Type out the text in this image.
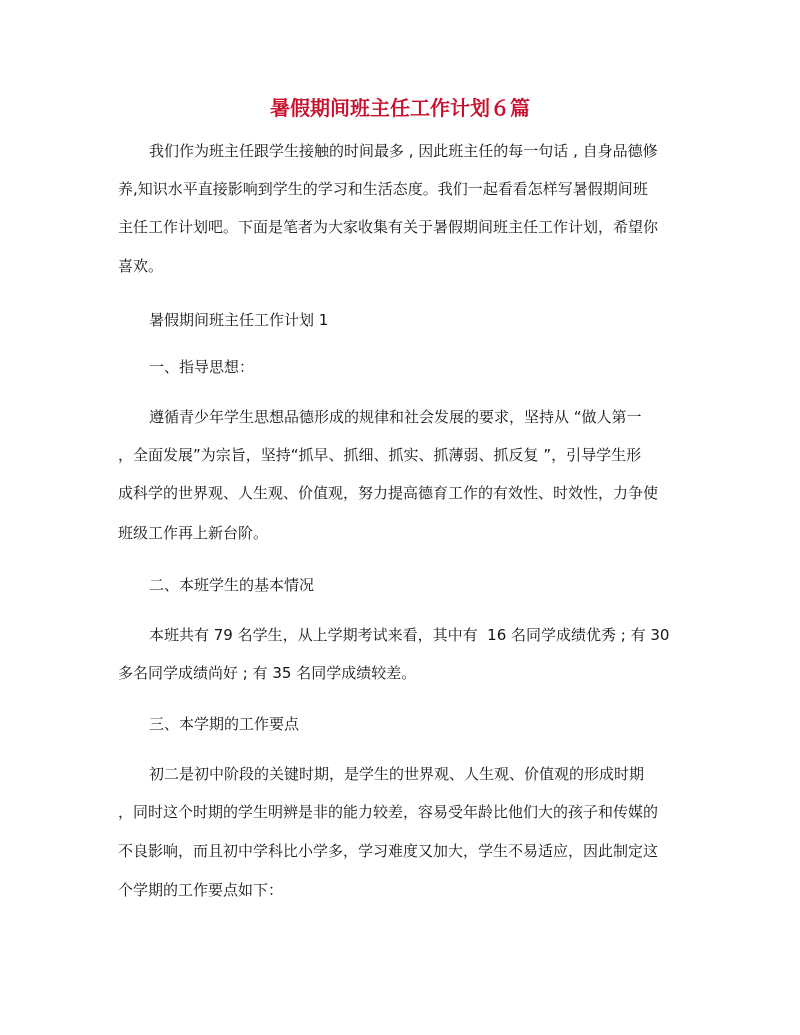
暑假期间班主任工作计划６篇
我们作为班主任跟学生接触的时间最多 , 因此班主任的每一句话 , 自身品德修
养,知识水平直接影响到学生的学习和生活态度。我们一起看看怎样写暑假期间班
主任工作计划吧。下面是笔者为大家收集有关于暑假期间班主任工作计划，希望你
喜欢。
暑假期间班主任工作计划 1
一、指导思想：
遵循青少年学生思想品德形成的规律和社会发展的要求，坚持从 “做人第一
，全面发展”为宗旨，坚持“抓早、抓细、抓实、抓薄弱、抓反复 ”，引导学生形
成科学的世界观、人生观、价值观，努力提高德育工作的有效性、时效性，力争使
班级工作再上新台阶。
二、本班学生的基本情况
本班共有 79 名学生，从上学期考试来看，其中有  16 名同学成绩优秀 ; 有 30
多名同学成绩尚好 ; 有 35 名同学成绩较差。
三、本学期的工作要点
初二是初中阶段的关键时期，是学生的世界观、人生观、价值观的形成时期
，同时这个时期的学生明辨是非的能力较差，容易受年龄比他们大的孩子和传媒的
不良影响，而且初中学科比小学多，学习难度又加大，学生不易适应，因此制定这
个学期的工作要点如下：
